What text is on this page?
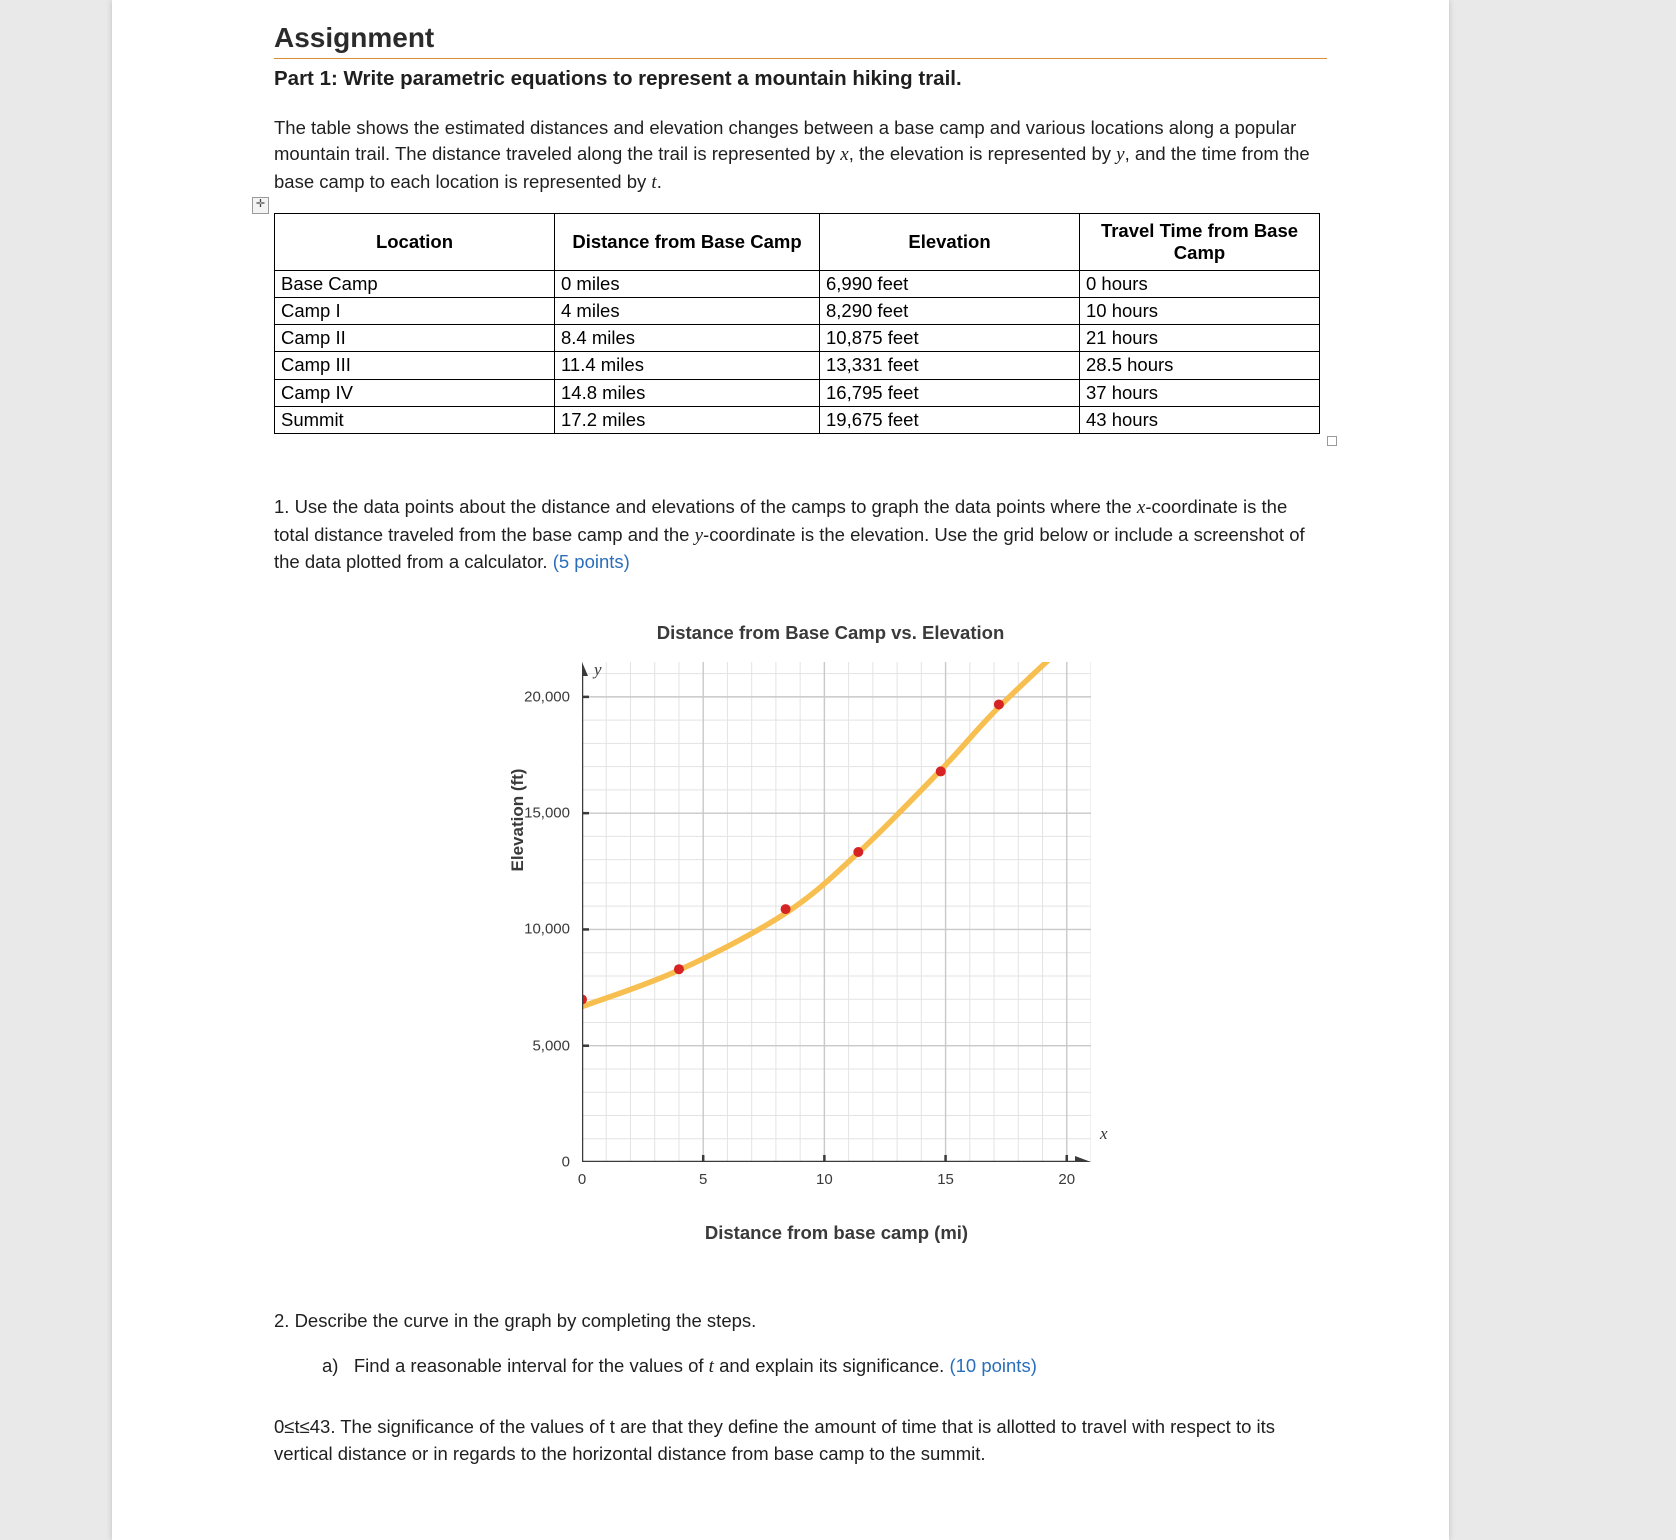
Assignment
Part 1: Write parametric equations to represent a mountain hiking trail.

The table shows the estimated distances and elevation changes between a base camp and various locations along a popular mountain trail. The distance traveled along the trail is represented by x, the elevation is represented by y, and the time from the base camp to each location is represented by t.

✛
Location	Distance from Base Camp	Elevation	Travel Time from Base Camp
Base Camp	0 miles	6,990 feet	0 hours
Camp I	4 miles	8,290 feet	10 hours
Camp II	8.4 miles	10,875 feet	21 hours
Camp III	11.4 miles	13,331 feet	28.5 hours
Camp IV	14.8 miles	16,795 feet	37 hours
Summit	17.2 miles	19,675 feet	43 hours

1. Use the data points about the distance and elevations of the camps to graph the data points where the x-coordinate is the total distance traveled from the base camp and the y-coordinate is the elevation. Use the grid below or include a screenshot of the data plotted from a calculator. (5 points)

Distance from Base Camp vs. Elevation
y
x
0
5,000
10,000
15,000
20,000
0	5	10	15	20
Elevation (ft)
Distance from base camp (mi)

2. Describe the curve in the graph by completing the steps.

a) Find a reasonable interval for the values of t and explain its significance. (10 points)

0≤t≤43. The significance of the values of t are that they define the amount of time that is allotted to travel with respect to its vertical distance or in regards to the horizontal distance from base camp to the summit.
